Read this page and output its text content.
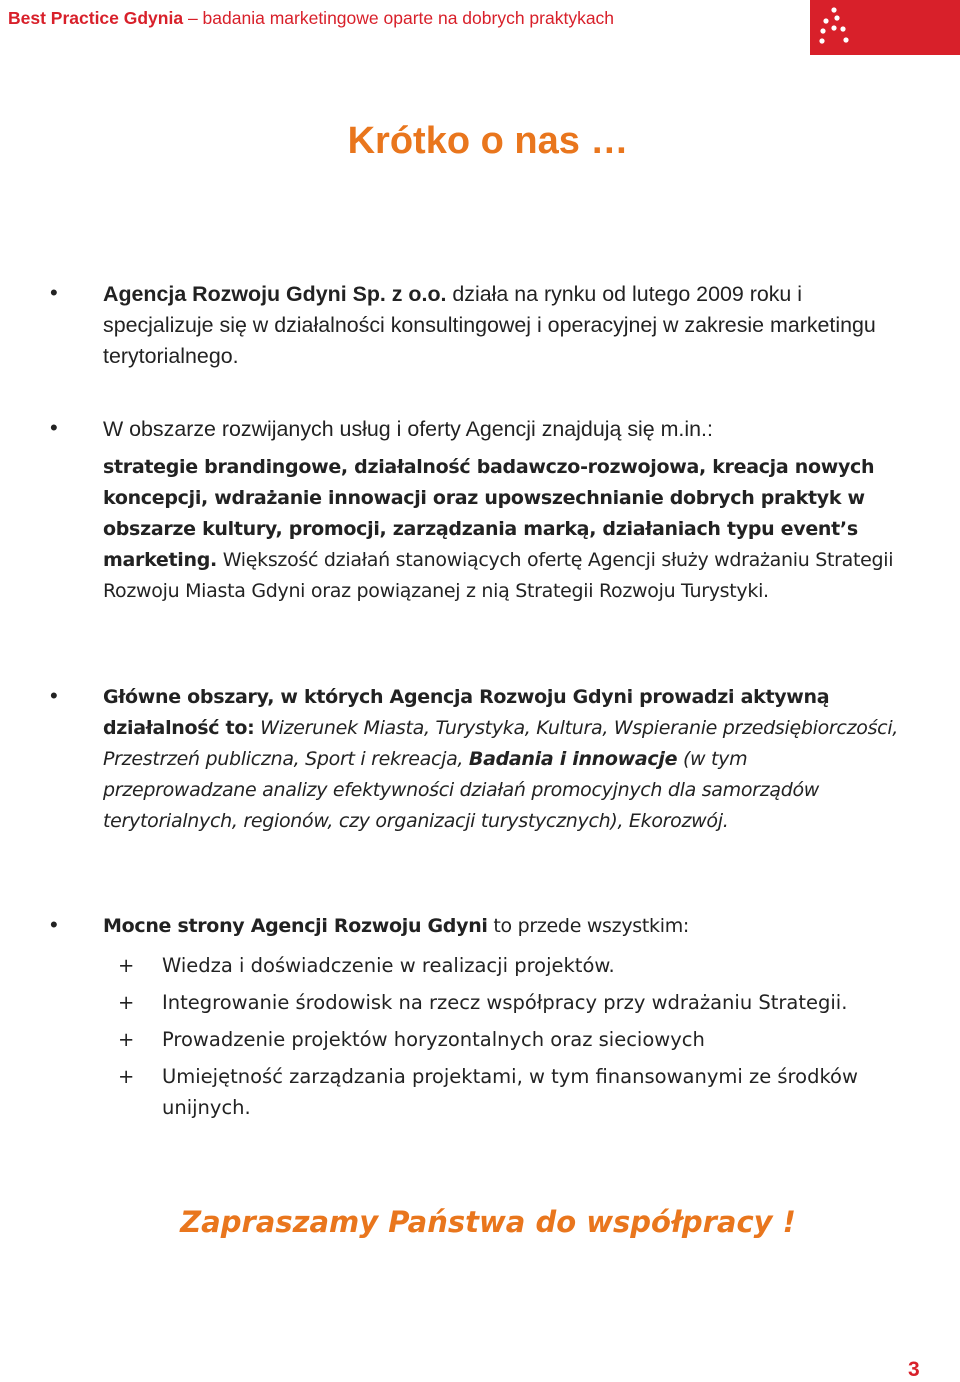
Best Practice Gdynia – badania marketingowe oparte na dobrych praktykach
Krótko o nas …
• Agencja Rozwoju Gdyni Sp. z o.o. działa na rynku od lutego 2009 roku i specjalizuje się w działalności konsultingowej i operacyjnej w zakresie marketingu terytorialnego.
• W obszarze rozwijanych usług i oferty Agencji znajdują się m.in.:
strategie brandingowe, działalność badawczo-rozwojowa, kreacja nowych koncepcji, wdrażanie innowacji oraz upowszechnianie dobrych praktyk w obszarze kultury, promocji, zarządzania marką, działaniach typu event’s marketing. Większość działań stanowiących ofertę Agencji służy wdrażaniu Strategii Rozwoju Miasta Gdyni oraz powiązanej z nią Strategii Rozwoju Turystyki.
• Główne obszary, w których Agencja Rozwoju Gdyni prowadzi aktywną działalność to: Wizerunek Miasta, Turystyka, Kultura, Wspieranie przedsiębiorczości, Przestrzeń publiczna, Sport i rekreacja, Badania i innowacje (w tym przeprowadzane analizy efektywności działań promocyjnych dla samorządów terytorialnych, regionów, czy organizacji turystycznych), Ekorozwój.
• Mocne strony Agencji Rozwoju Gdyni to przede wszystkim:
+ Wiedza i doświadczenie w realizacji projektów.
+ Integrowanie środowisk na rzecz współpracy przy wdrażaniu Strategii.
+ Prowadzenie projektów horyzontalnych oraz sieciowych
+ Umiejętność zarządzania projektami, w tym finansowanymi ze środków unijnych.
Zapraszamy Państwa do współpracy !
3
